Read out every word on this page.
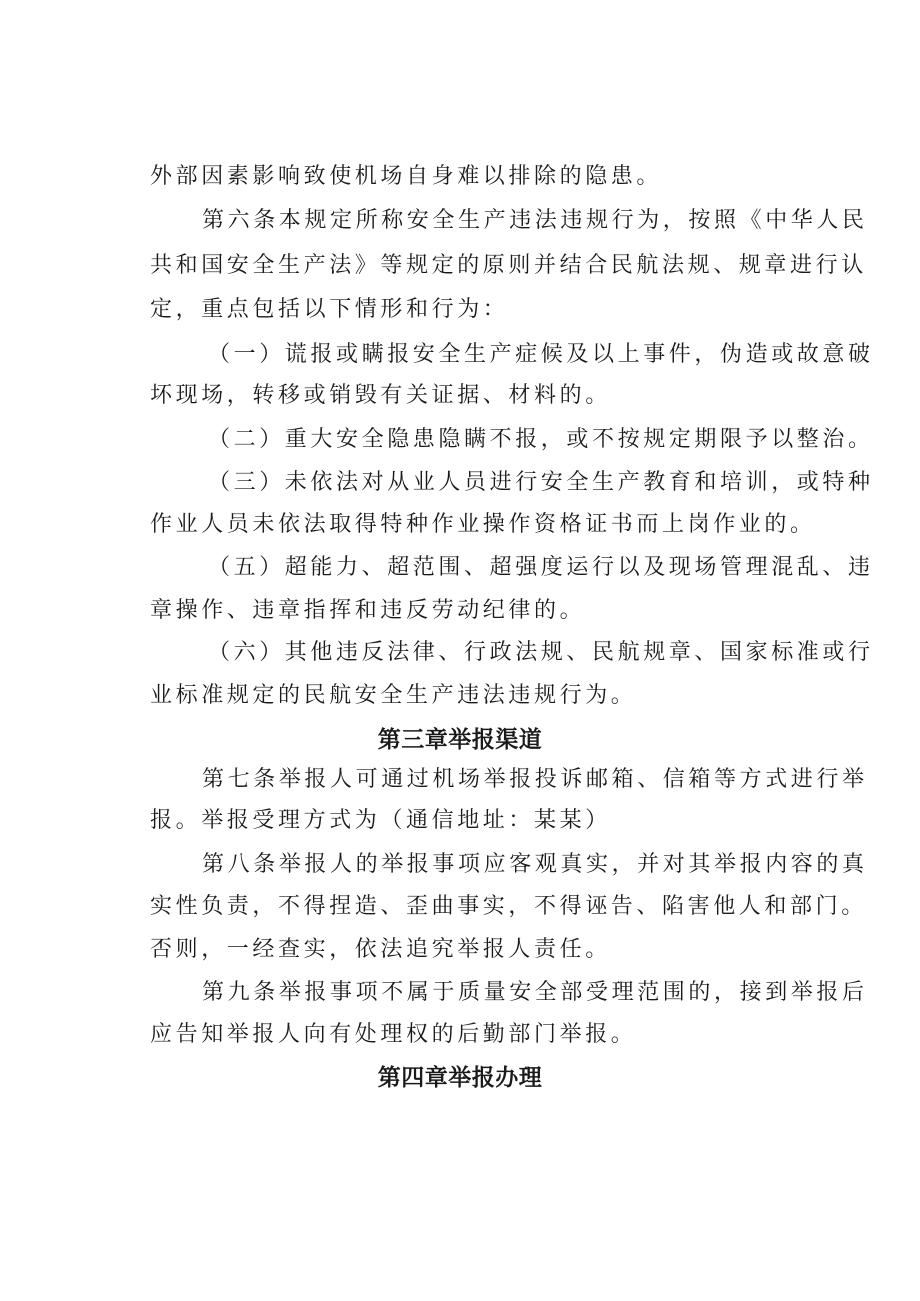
外部因素影响致使机场自身难以排除的隐患。
第六条本规定所称安全生产违法违规行为，按照《中华人民
共和国安全生产法》等规定的原则并结合民航法规、规章进行认
定，重点包括以下情形和行为：
（一）谎报或瞒报安全生产症候及以上事件，伪造或故意破
坏现场，转移或销毁有关证据、材料的。
（二）重大安全隐患隐瞒不报，或不按规定期限予以整治。
（三）未依法对从业人员进行安全生产教育和培训，或特种
作业人员未依法取得特种作业操作资格证书而上岗作业的。
（五）超能力、超范围、超强度运行以及现场管理混乱、违
章操作、违章指挥和违反劳动纪律的。
（六）其他违反法律、行政法规、民航规章、国家标准或行
业标准规定的民航安全生产违法违规行为。
第三章举报渠道
第七条举报人可通过机场举报投诉邮箱、信箱等方式进行举
报。举报受理方式为（通信地址：某某）
第八条举报人的举报事项应客观真实，并对其举报内容的真
实性负责，不得捏造、歪曲事实，不得诬告、陷害他人和部门。
否则，一经查实，依法追究举报人责任。
第九条举报事项不属于质量安全部受理范围的，接到举报后
应告知举报人向有处理权的后勤部门举报。
第四章举报办理
